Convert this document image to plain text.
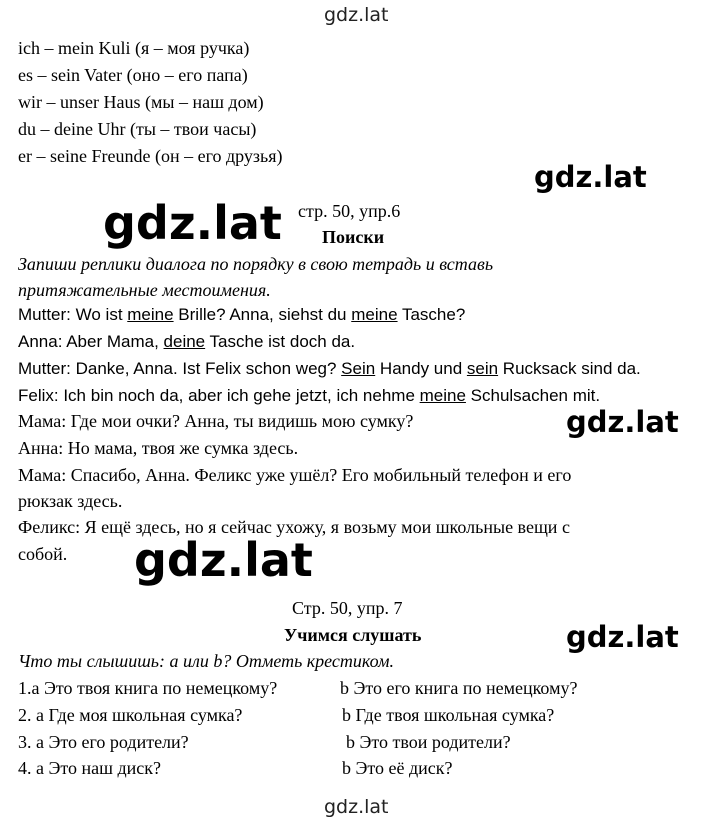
gdz.lat
gdz.lat
gdz.lat
gdz.lat
gdz.lat
gdz.lat
gdz.lat
ich – mein Kuli (я – моя ручка)
es – sein Vater (оно – его папа)
wir – unser Haus (мы – наш дом)
du – deine Uhr (ты – твои часы)
er – seine Freunde (он – его друзья)
стр. 50, упр.6
Поиски
Запиши реплики диалога по порядку в свою тетрадь и вставь
притяжательные местоимения.
Mutter: Wo ist meine Brille? Anna, siehst du meine Tasche?
Anna: Aber Mama, deine Tasche ist doch da.
Mutter: Danke, Anna. Ist Felix schon weg? Sein Handy und sein Rucksack sind da.
Felix: Ich bin noch da, aber ich gehe jetzt, ich nehme meine Schulsachen mit.
Мама: Где мои очки? Анна, ты видишь мою сумку?
Анна: Но мама, твоя же сумка здесь.
Мама: Спасибо, Анна. Феликс уже ушёл? Его мобильный телефон и его
рюкзак здесь.
Феликс: Я ещё здесь, но я сейчас ухожу, я возьму мои школьные вещи с
собой.
Стр. 50, упр. 7
Учимся слушать
Что ты слышишь: a или b? Отметь крестиком.
1.a Это твоя книга по немецкому?	b Это его книга по немецкому?
2. a Где моя школьная сумка?	b Где твоя школьная сумка?
3. a Это его родители?	b Это твои родители?
4. a Это наш диск?	b Это её диск?
